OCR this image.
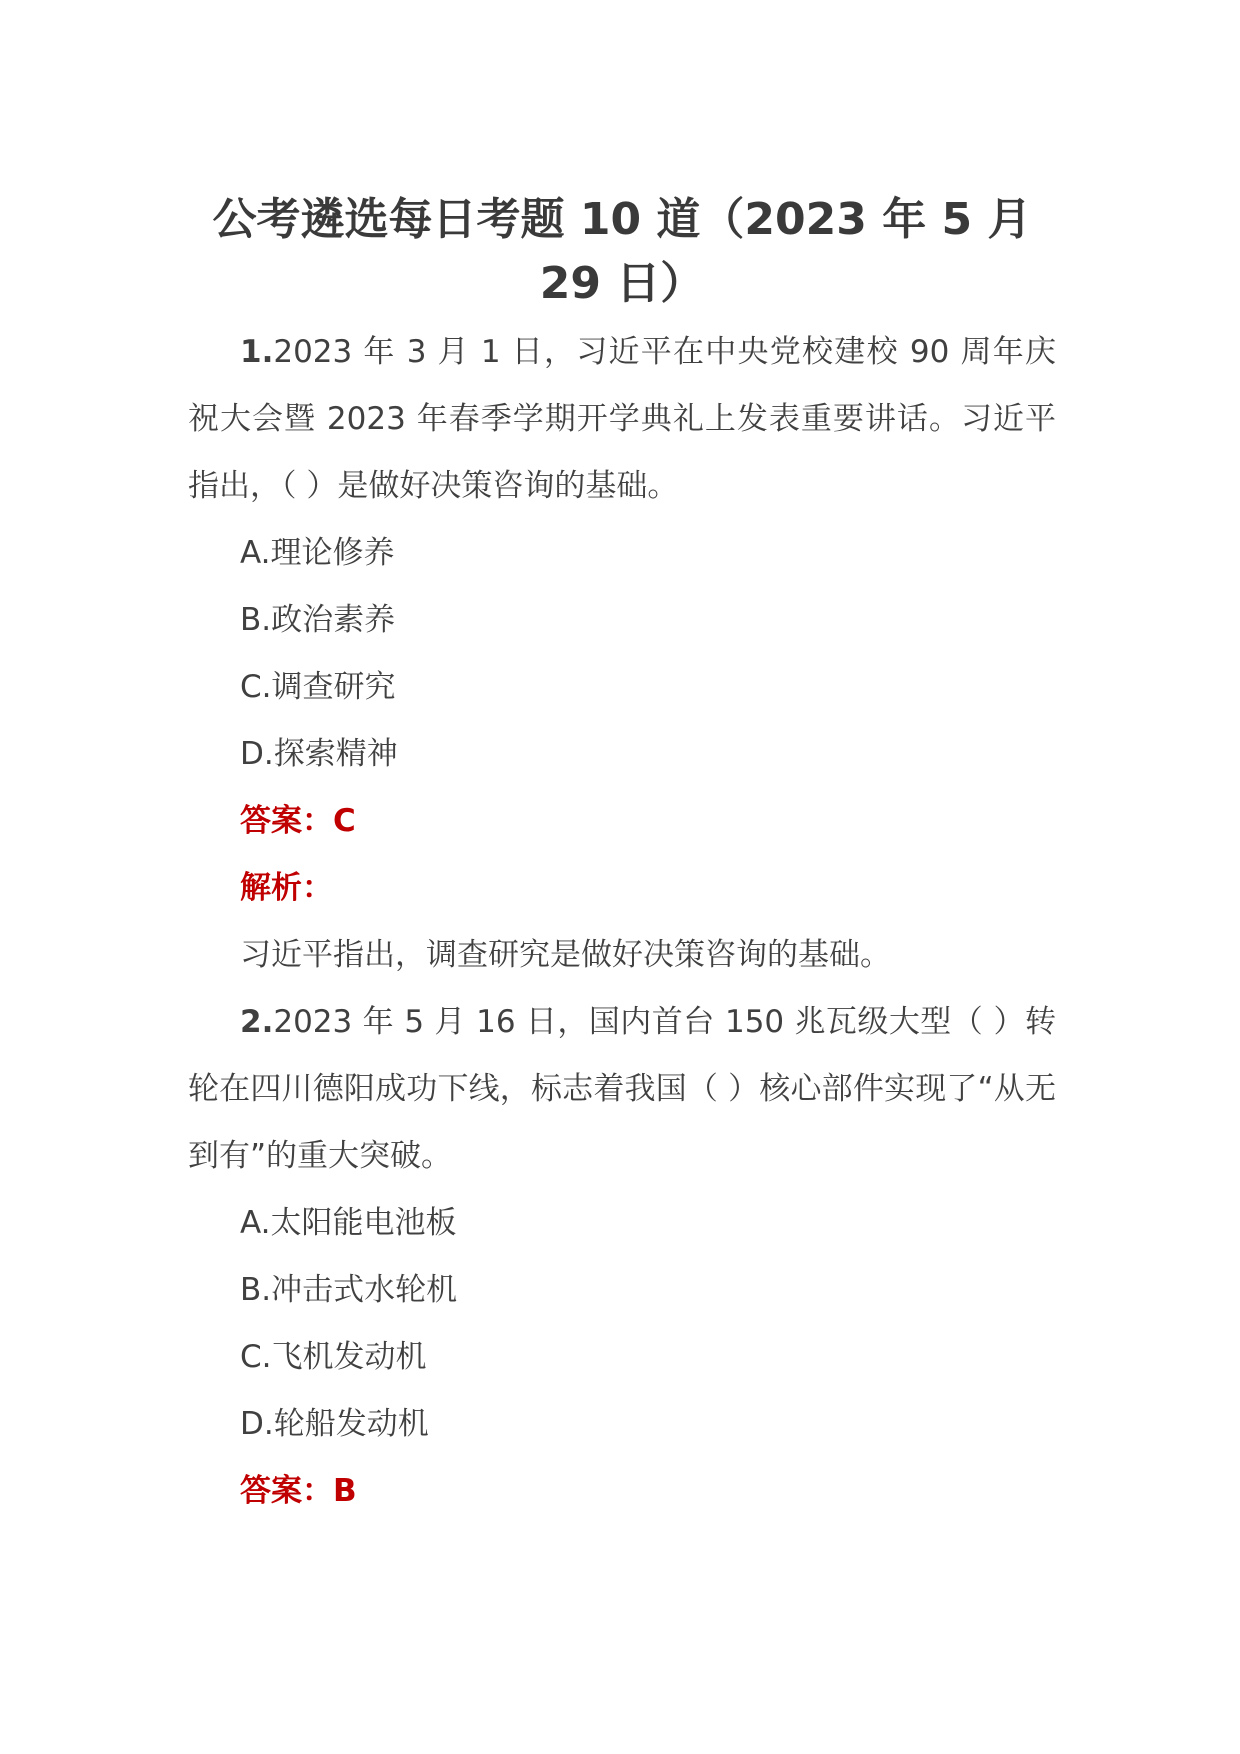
公考遴选每日考题 10 道（2023 年 5 月
29 日）

1.2023 年 3 月 1 日，习近平在中央党校建校 90 周年庆祝大会暨 2023 年春季学期开学典礼上发表重要讲话。习近平指出，（ ）是做好决策咨询的基础。

A.理论修养

B.政治素养

C.调查研究

D.探索精神

答案：C

解析：

习近平指出，调查研究是做好决策咨询的基础。

2.2023 年 5 月 16 日，国内首台 150 兆瓦级大型（ ）转轮在四川德阳成功下线，标志着我国（ ）核心部件实现了“从无到有”的重大突破。

A.太阳能电池板

B.冲击式水轮机

C.飞机发动机

D.轮船发动机

答案：B
